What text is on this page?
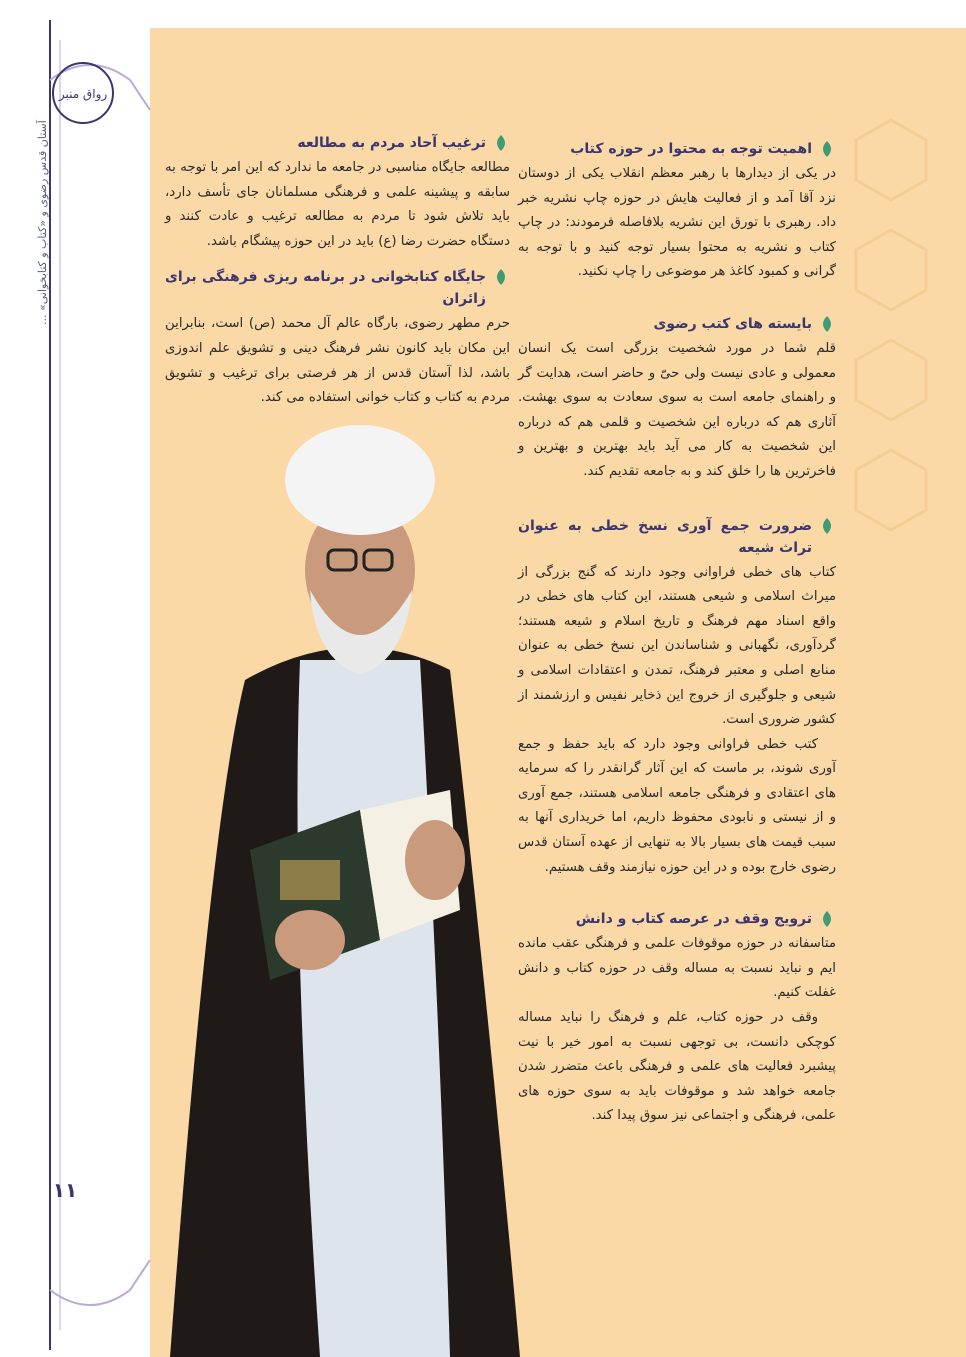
رواق منبر
آستان قدس رضوی و «کتاب و کتابخوانی» ...
۱۱
اهمیت توجه به محتوا در حوزه کتاب

در یکی از دیدارها با رهبر معظم انقلاب یکی از دوستان نزد آقا آمد و از فعالیت هایش در حوزه چاپ نشریه خبر داد. رهبری با تورق این نشریه بلافاصله فرمودند: در چاپ کتاب و نشریه به محتوا بسیار توجه کنید و با توجه به گرانی و کمبود کاغذ هر موضوعی را چاپ نکنید.

بایسته های کتب رضوی

قلم شما در مورد شخصیت بزرگی است یک انسان معمولی و عادی نیست ولی حیّ و حاضر است، هدایت گر و راهنمای جامعه است به سوی سعادت به سوی بهشت. آثاری هم که درباره این شخصیت و قلمی هم که درباره این شخصیت به کار می آید باید بهترین و بهترین و فاخرترین ها را خلق کند و به جامعه تقدیم کند.

ضرورت جمع آوری نسخ خطی به عنوان تراث شیعه

کتاب های خطی فراوانی وجود دارند که گنج بزرگی از میراث اسلامی و شیعی هستند، این کتاب های خطی در واقع اسناد مهم فرهنگ و تاریخ اسلام و شیعه هستند؛ گردآوری، نگهبانی و شناساندن این نسخ خطی به عنوان منابع اصلی و معتبر فرهنگ، تمدن و اعتقادات اسلامی و شیعی و جلوگیری از خروج این ذخایر نفیس و ارزشمند از کشور ضروری است.

کتب خطی فراوانی وجود دارد که باید حفظ و جمع آوری شوند، بر ماست که این آثار گرانقدر را که سرمایه های اعتقادی و فرهنگی جامعه اسلامی هستند، جمع آوری و از نیستی و نابودی محفوظ داریم، اما خریداری آنها به سبب قیمت های بسیار بالا به تنهایی از عهده آستان قدس رضوی خارج بوده و در این حوزه نیازمند وقف هستیم.

ترویج وقف در عرصه کتاب و دانش

متاسفانه در حوزه موقوفات علمی و فرهنگی عقب مانده ایم و نباید نسبت به مساله وقف در حوزه کتاب و دانش غفلت کنیم.

وقف در حوزه کتاب، علم و فرهنگ را نباید مساله کوچکی دانست، بی توجهی نسبت به امور خیر با نیت پیشبرد فعالیت های علمی و فرهنگی باعث متضرر شدن جامعه خواهد شد و موقوفات باید به سوی حوزه های علمی، فرهنگی و اجتماعی نیز سوق پیدا کند.

ترغیب آحاد مردم به مطالعه

مطالعه جایگاه مناسبی در جامعه ما ندارد که این امر با توجه به سابقه و پیشینه علمی و فرهنگی مسلمانان جای تأسف دارد، باید تلاش شود تا مردم به مطالعه ترغیب و عادت کنند و دستگاه حضرت رضا (ع) باید در این حوزه پیشگام باشد.

جایگاه کتابخوانی در برنامه ریزی فرهنگی برای زائران

حرم مطهر رضوی، بارگاه عالم آل محمد (ص) است، بنابراین این مکان باید کانون نشر فرهنگ دینی و تشویق علم اندوزی باشد، لذا آستان قدس از هر فرصتی برای ترغیب و تشویق مردم به کتاب و کتاب خوانی استفاده می کند.
